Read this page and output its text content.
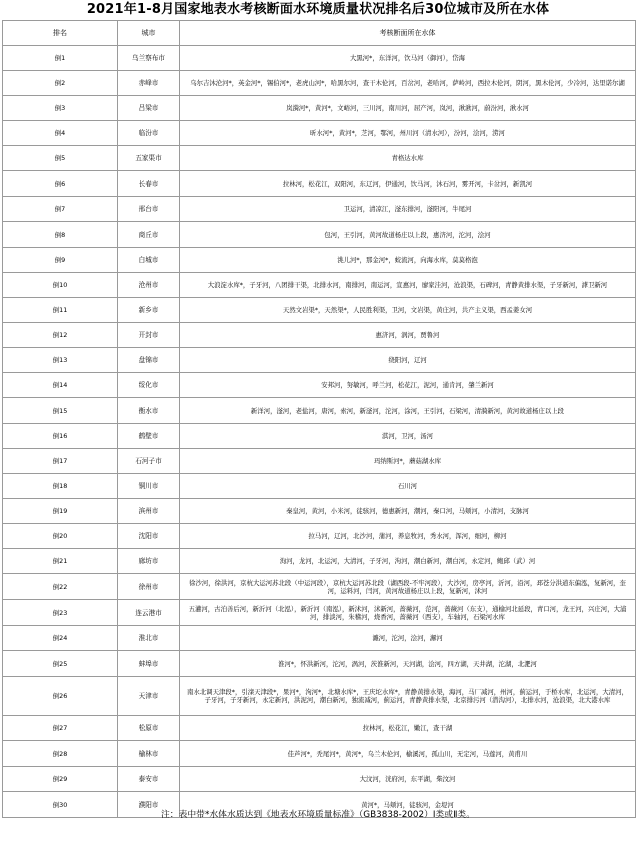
2021年1-8月国家地表水考核断面水环境质量状况排名后30位城市及所在水体
排名	城市	考核断面所在水体
倒1	乌兰察布市	大黑河*，东洋河，饮马河（御河），岱海
倒2	赤峰市	乌尔吉沐沦河*，英金河*，锡伯河*，老虎山河*，哈黑尔河，查干木伦河，百岔河，老哈河，萨岭河，西拉木伦河，阴河，黑木伦河，少冷河，达里诺尔湖
倒3	吕梁市	岚漪河*，黄河*，文峪河，三川河，南川河，屈产河，岚河，湫湫河，蔚汾河，湫水河
倒4	临汾市	昕水河*，黄河*，芝河，鄂河，州川河（清水河），汾河，浍河，涝河
倒5	五家渠市	青格达水库
倒6	长春市	拉林河，松花江，双阳河，东辽河，伊通河，饮马河，沐石河，雾开河，卡岔河，新凯河
倒7	邢台市	卫运河，清凉江，滏东排河，滏阳河，牛尾河
倒8	商丘市	包河，王引河，黄河故道杨庄以上段，惠济河，沱河，浍河
倒9	白城市	洮儿河*，那金河*，蛟流河，向海水库，莫莫格泡
倒10	沧州市	大浪淀水库*，子牙河，八团排干渠，北排水河，南排河，南运河，宣惠河，廖家洼河，沧浪渠，石碑河，青静黄排水渠，子牙新河，滹卫新河
倒11	新乡市	天然文岩渠*，天然渠*，人民胜利渠，卫河，文岩渠，黄庄河，共产主义渠，西孟姜女河
倒12	开封市	惠济河，涡河，贾鲁河
倒13	盘锦市	绕阳河，辽河
倒14	绥化市	安邦河，努敏河，呼兰河，松花江，泥河，通肯河，肇兰新河
倒15	衡水市	新洋河，滏河，老盐河，唐河，索河，新滏河，沱河，涂河，王引河，石梁河，清漪新河，黄河故道杨庄以上段
倒16	鹤壁市	淇河，卫河，汤河
倒17	石河子市	玛纳斯河*，蘑菇湖水库
倒18	铜川市	石川河
倒19	滨州市	秦皇河，黄河，小米河，徒骇河，德惠新河，潮河，秦口河，马颊河，小清河，支脉河
倒20	沈阳市	拉马河，辽河，北沙河，蒲河，养息牧河，秀水河，浑河，细河，柳河
倒21	廊坊市	洵河，龙河，北运河，大清河，子牙河，泃河，潮白新河，潮白河，永定河，鲍邱（武）河
倒22	徐州市	徐沙河，徐洪河，京杭大运河苏北段（中运河段），京杭大运河苏北段（湖西段-不牢河段），大沙河，房亭河，沂河，沿河，邳苍分洪道东偏泓，复新河，奎河，运料河，闫河，黄河故道杨庄以上段，复新河，沭河
倒23	连云港市	五灌河，古泊善后河，新沂河（北泓），新沂河（南泓），新沭河，沭新河，蔷薇河，范河，蔷薇河（东支），通榆河北延段，青口河，龙王河，兴庄河，大浦河，排淡河，朱稽河，烧香河，蔷薇河（西支），车轴河，石梁河水库
倒24	淮北市	濉河，沱河，浍河，澥河
倒25	蚌埠市	淮河*，怀洪新河，沱河，涡河，茨淮新河，天河湖，浍河，四方湖，天井湖，沱湖，北淝河
倒26	天津市	南水北调天津段*，引滦天津段*，果河*，泃河*，北塘水库*，王庆坨水库*，青静黄排水渠，海河，马厂减河，州河，蓟运河，于桥水库，北运河，大清河，子牙河，子牙新河，永定新河，洪泥河，潮白新河，独流减河，蓟运河，青静黄排水渠，北京排污河（潜沟河），北排水河，沧浪渠，北大港水库
倒27	松原市	拉林河，松花江，嫩江，查干湖
倒28	榆林市	佳芦河*，秃尾河*，黄河*，乌兰木伦河，榆溪河，孤山川，无定河，马莲河，黄甫川
倒29	泰安市	大汶河，洸府河，东平湖，柴汶河
倒30	濮阳市	黄河*，马颊河，徒骇河，金堤河
注：表中带*水体水质达到《地表水环境质量标准》（GB3838-2002）Ⅰ类或Ⅱ类。
